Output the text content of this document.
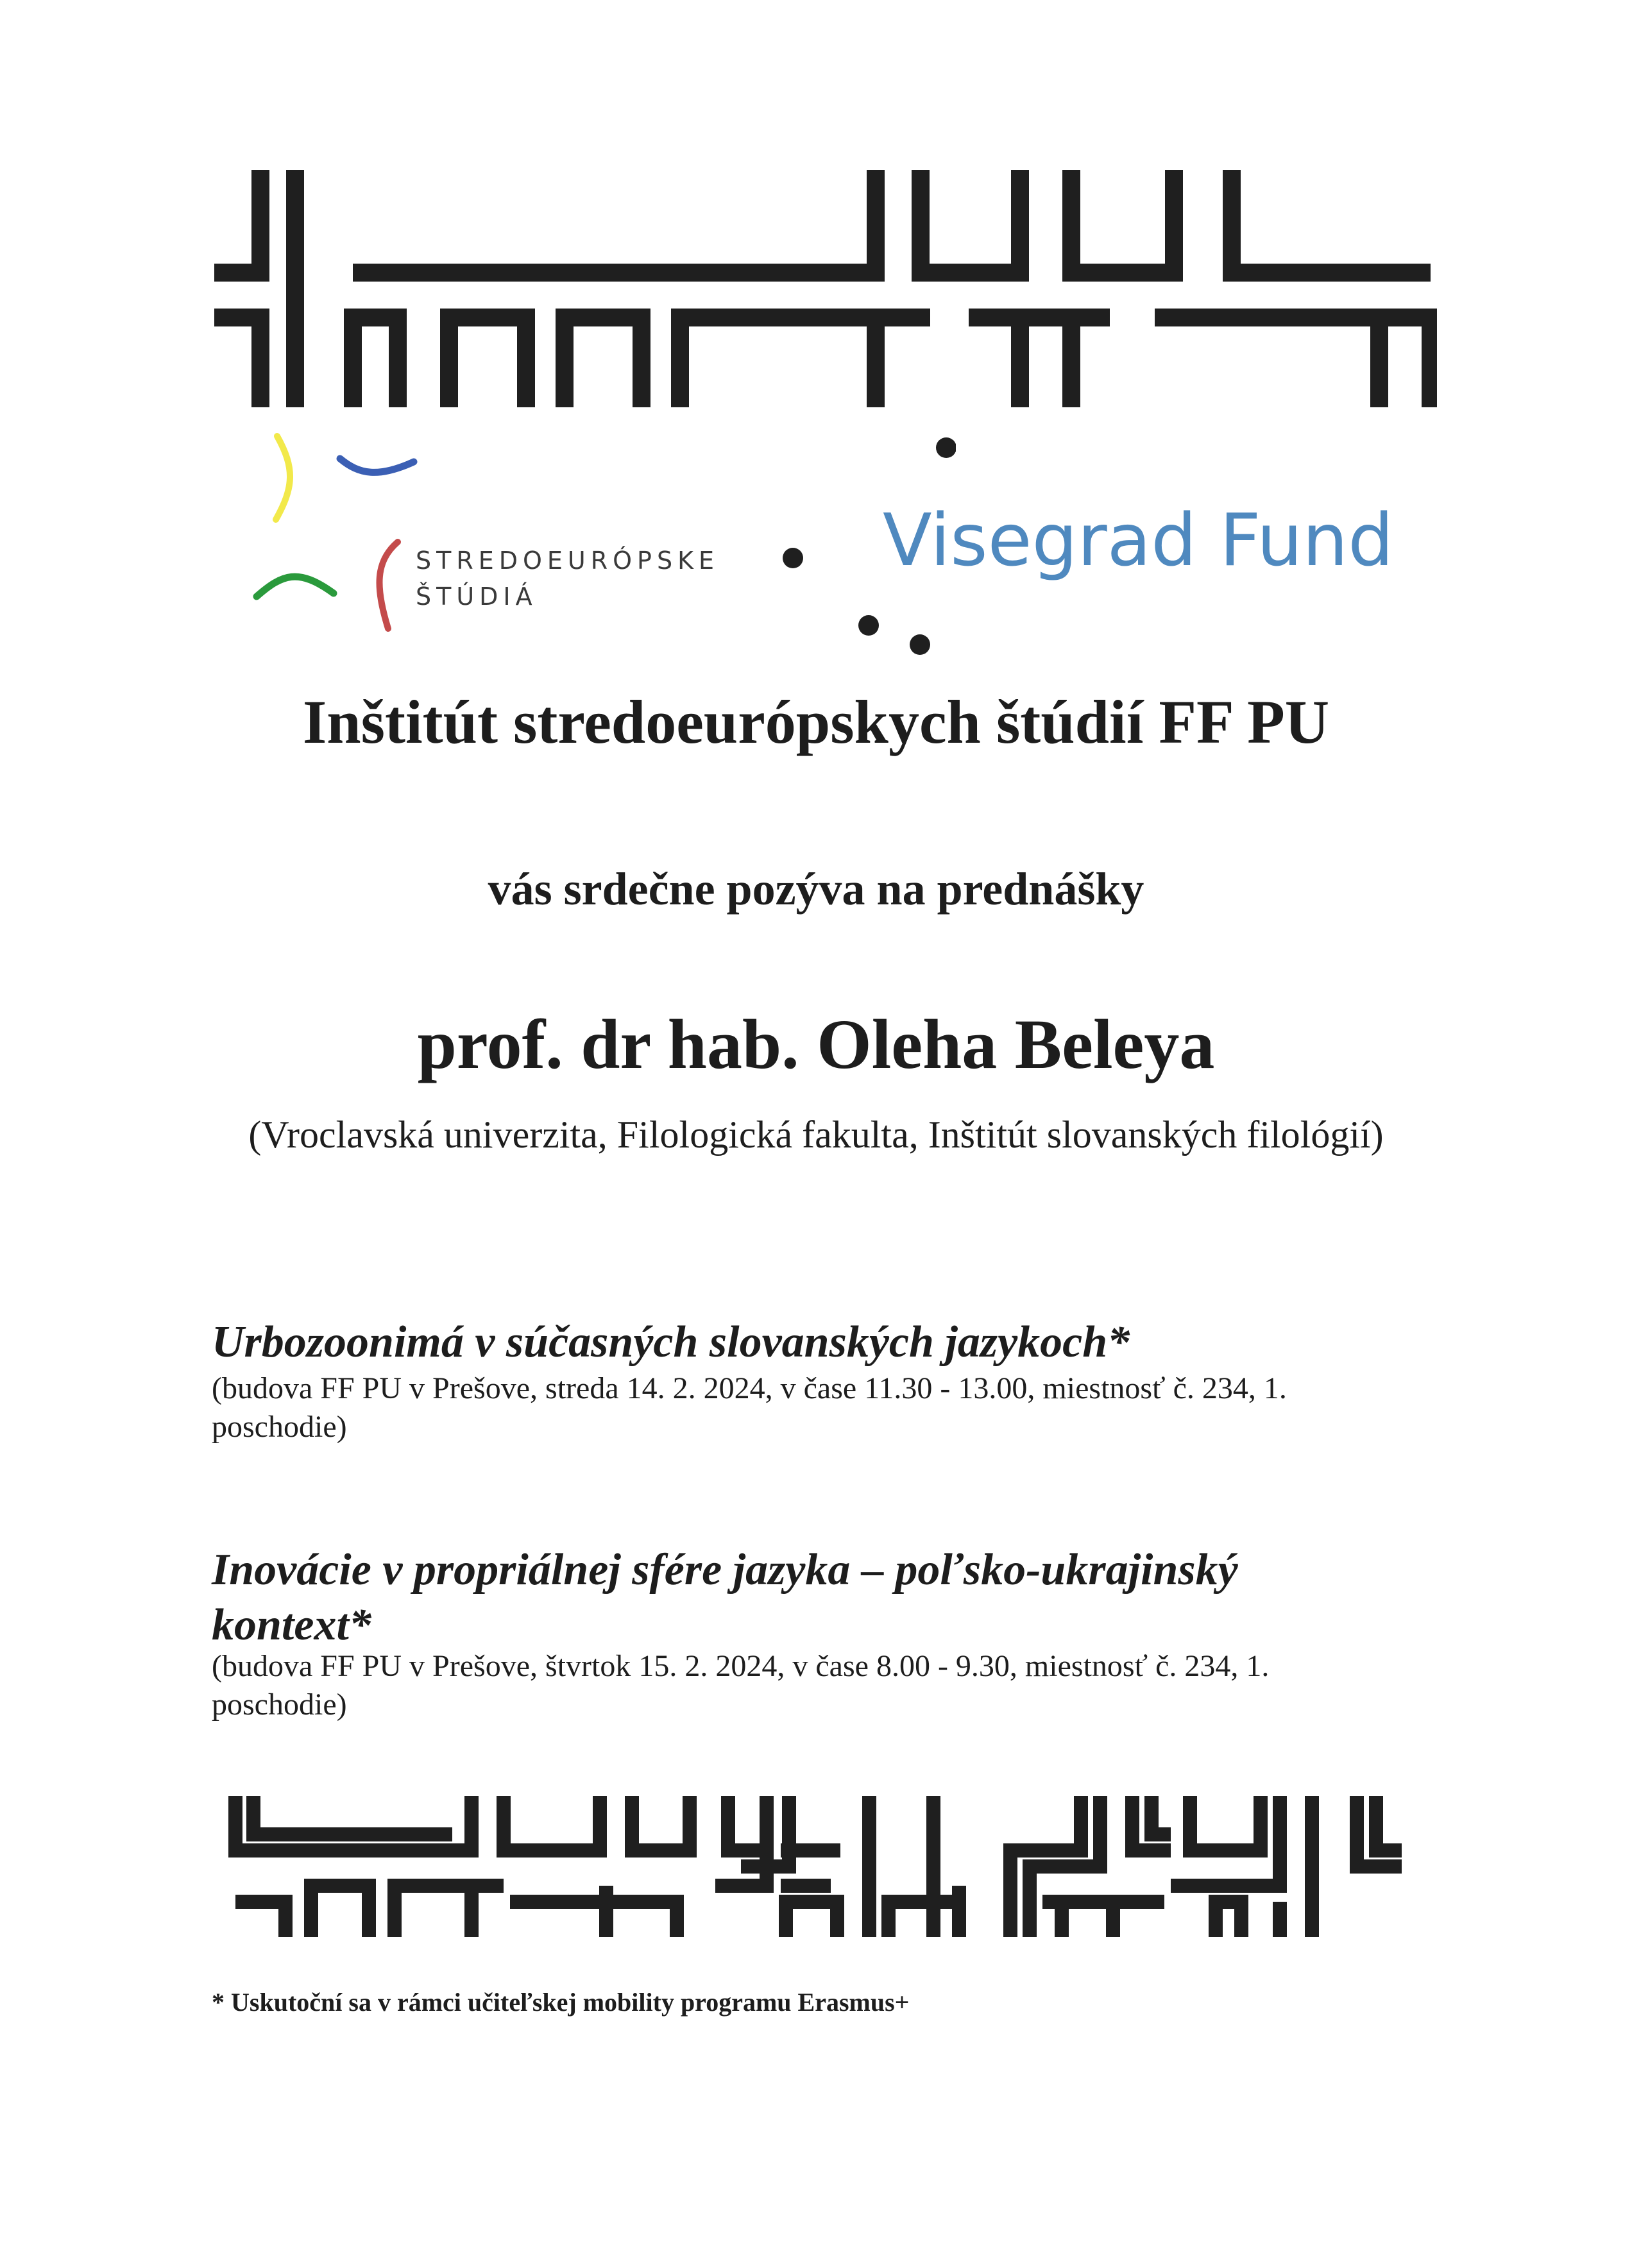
STREDOEURÓPSKE
ŠTÚDIÁ
Visegrad Fund
Inštitút stredoeurópskych štúdií FF PU
vás srdečne pozýva na prednášky
prof. dr hab. Oleha Beleya
(Vroclavská univerzita, Filologická fakulta, Inštitút slovanských filológií)
Urbozoonimá v súčasných slovanských jazykoch*
(budova FF PU v Prešove, streda 14. 2. 2024, v čase 11.30 - 13.00, miestnosť č. 234, 1.
poschodie)
Inovácie v propriálnej sfére jazyka – poľsko-ukrajinský
kontext*
(budova FF PU v Prešove, štvrtok 15. 2. 2024, v čase 8.00 - 9.30, miestnosť č. 234, 1.
poschodie)
* Uskutoční sa v rámci učiteľskej mobility programu Erasmus+
